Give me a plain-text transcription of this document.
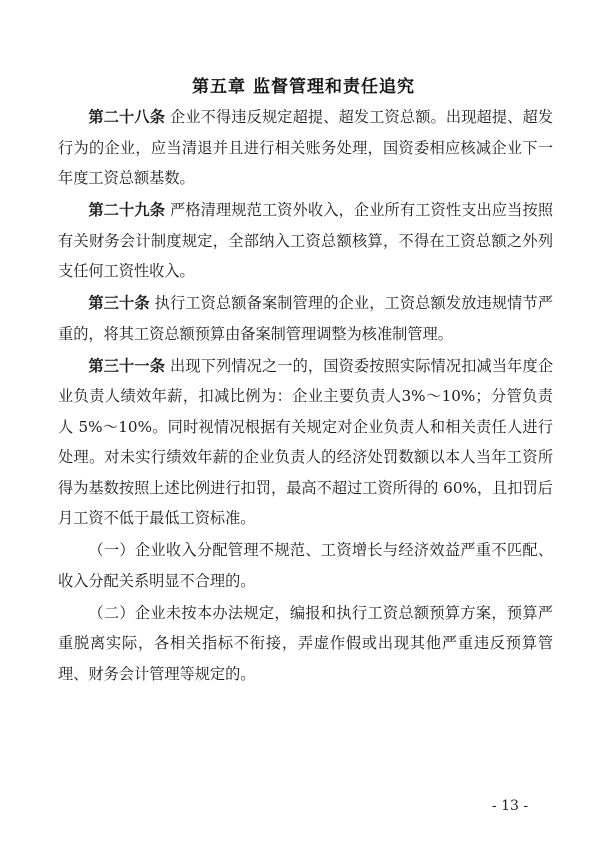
第五章 监督管理和责任追究

第二十八条 企业不得违反规定超提、超发工资总额。出现超提、超发行为的企业，应当清退并且进行相关账务处理，国资委相应核减企业下一年度工资总额基数。

第二十九条 严格清理规范工资外收入，企业所有工资性支出应当按照有关财务会计制度规定，全部纳入工资总额核算，不得在工资总额之外列支任何工资性收入。

第三十条 执行工资总额备案制管理的企业，工资总额发放违规情节严重的，将其工资总额预算由备案制管理调整为核准制管理。

第三十一条 出现下列情况之一的，国资委按照实际情况扣减当年度企业负责人绩效年薪，扣减比例为：企业主要负责人3%～10%；分管负责人 5%～10%。同时视情况根据有关规定对企业负责人和相关责任人进行处理。对未实行绩效年薪的企业负责人的经济处罚数额以本人当年工资所得为基数按照上述比例进行扣罚，最高不超过工资所得的 60%，且扣罚后月工资不低于最低工资标准。

（一）企业收入分配管理不规范、工资增长与经济效益严重不匹配、收入分配关系明显不合理的。

（二）企业未按本办法规定，编报和执行工资总额预算方案，预算严重脱离实际，各相关指标不衔接，弄虚作假或出现其他严重违反预算管理、财务会计管理等规定的。

- 13 -
